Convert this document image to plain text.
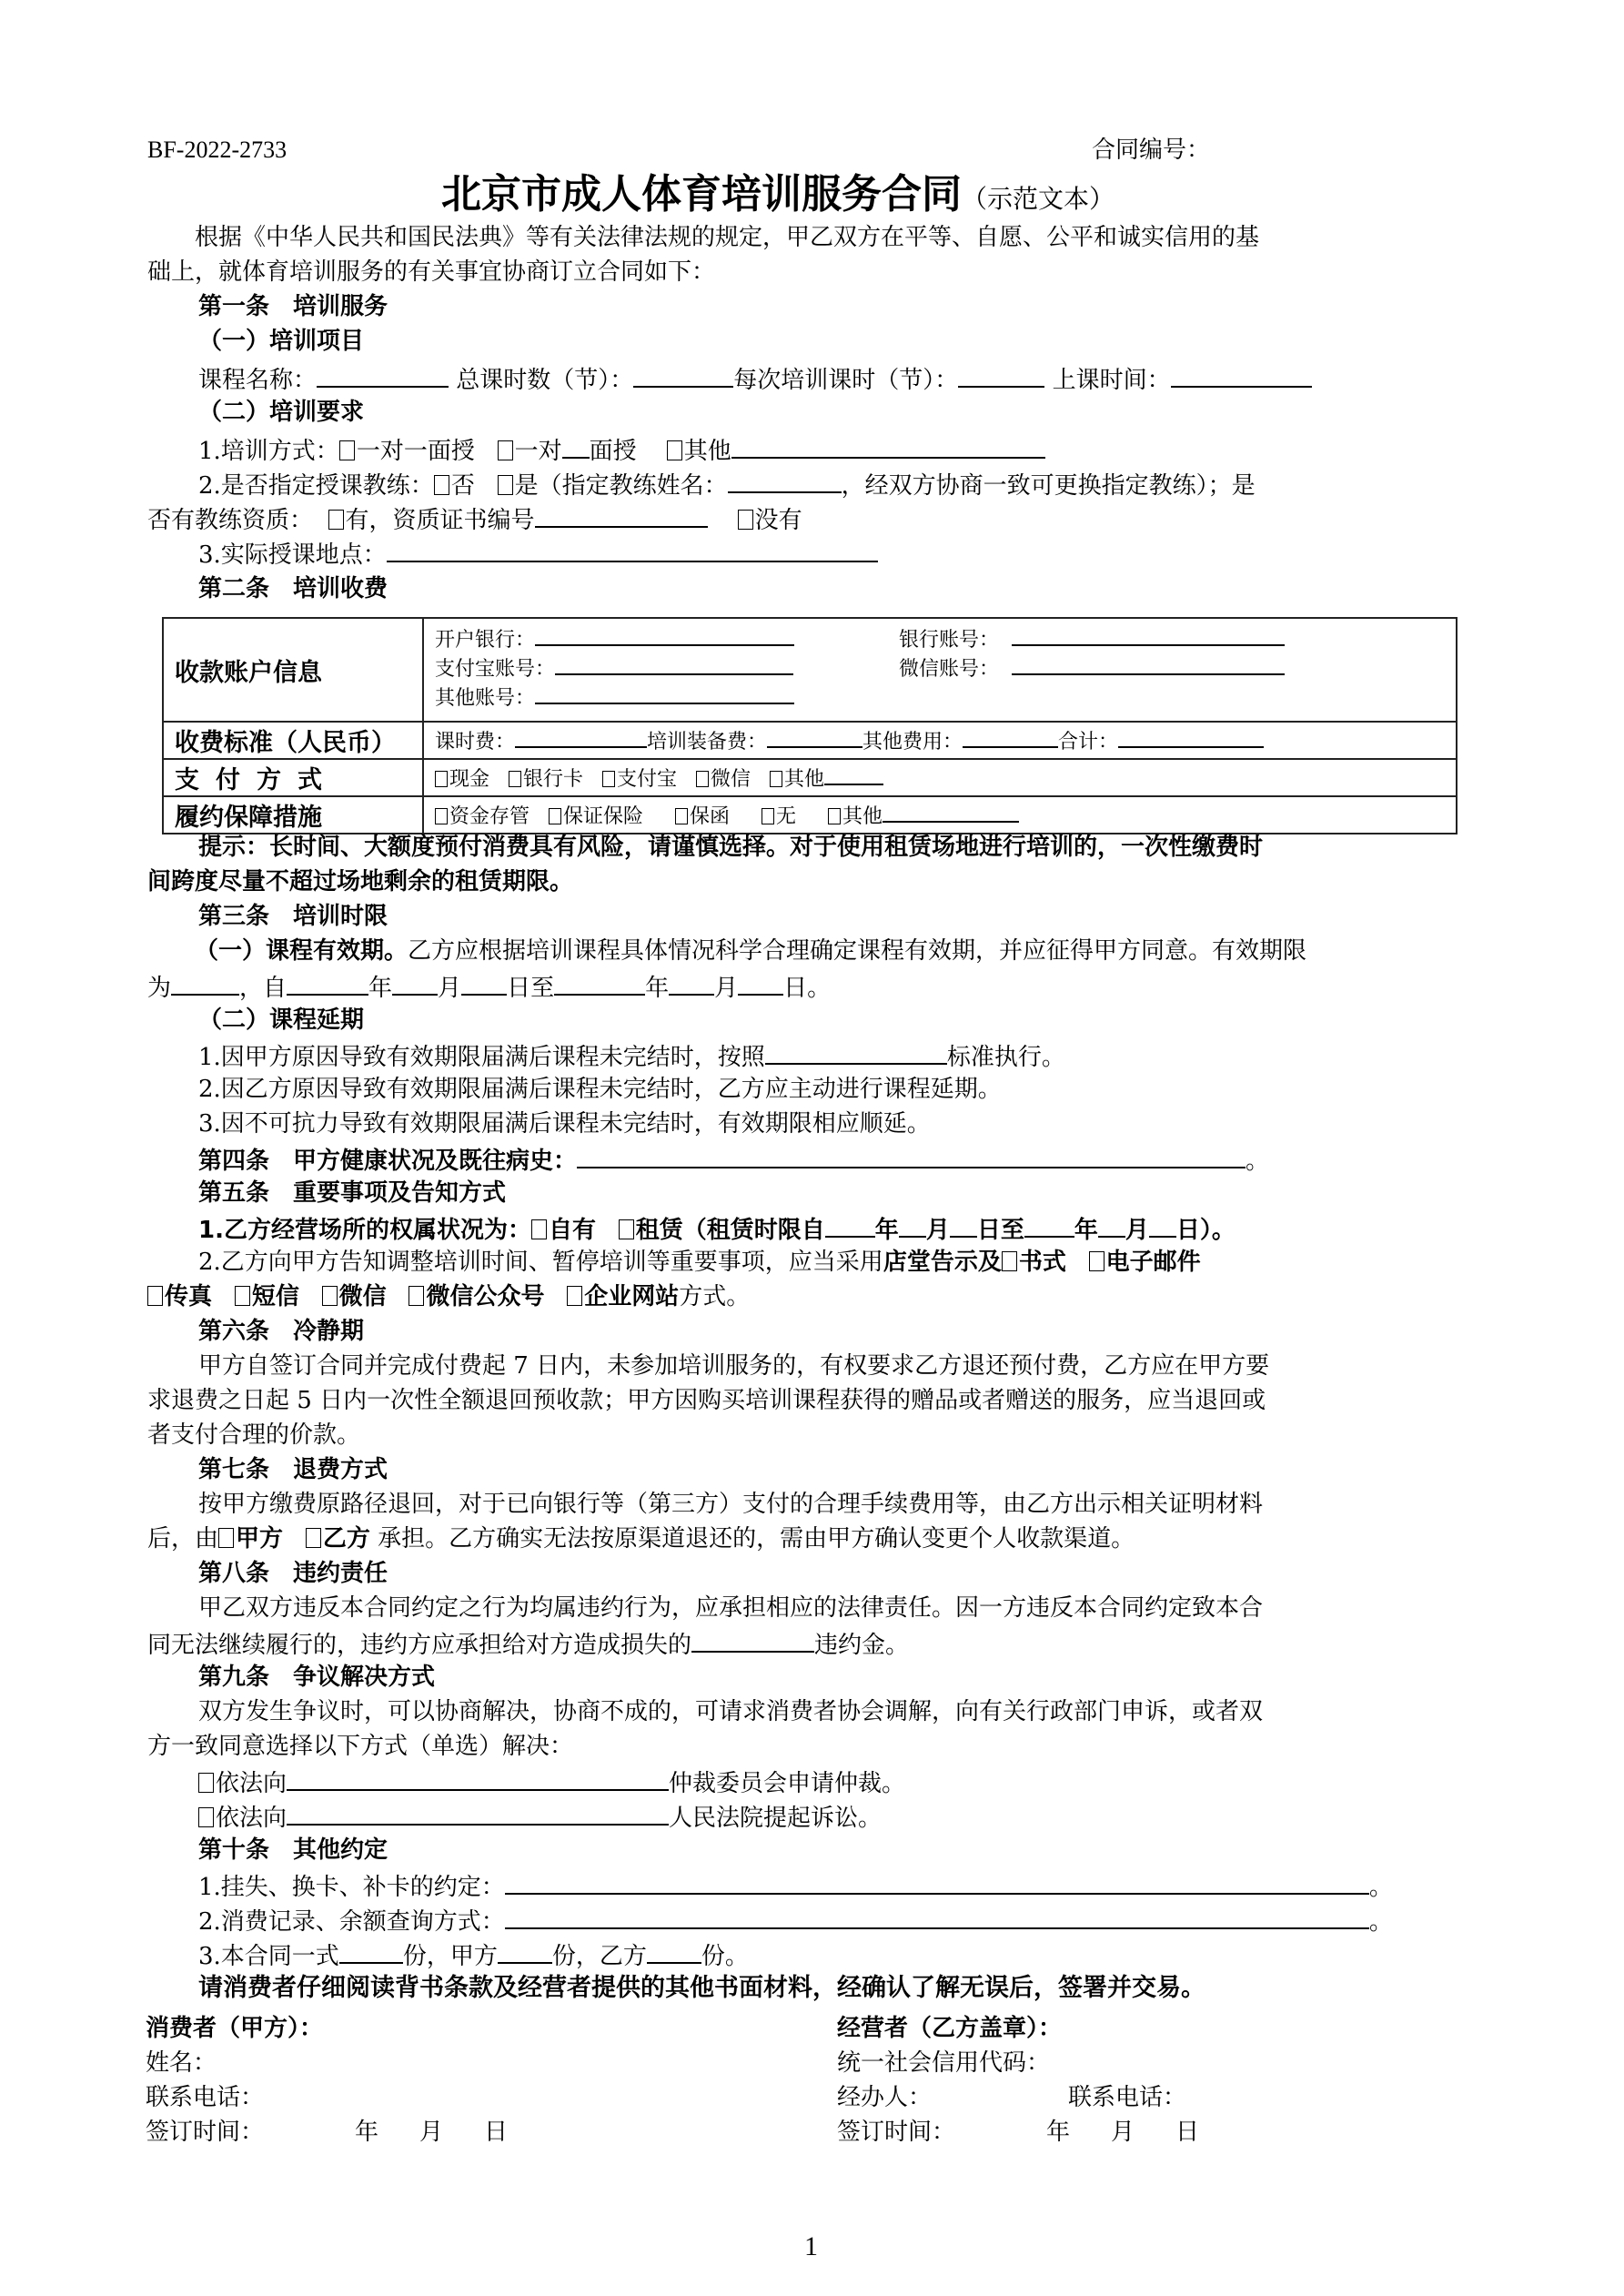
BF-2022-2733	合同编号：
北京市成人体育培训服务合同（示范文本）
根据《中华人民共和国民法典》等有关法律法规的规定，甲乙双方在平等、自愿、公平和诚实信用的基
础上，就体育培训服务的有关事宜协商订立合同如下：
第一条　培训服务
（一）培训项目
课程名称：	总课时数（节）：	每次培训课时（节）：	上课时间：
（二）培训要求
1.培训方式： 一对一面授 一对 面授 其他
2.是否指定授课教练： 否 是（指定教练姓名：	，经双方协商一致可更换指定教练）；是
否有教练资质： 有，资质证书编号	没有
3.实际授课地点：
第二条　培训收费
收款账户信息	开户银行： 银行账号：
支付宝账号： 微信账号：
其他账号：

收费标准（人民币）	课时费： 培训装备费： 其他费用： 合计：
支付方式	现金 银行卡 支付宝 微信 其他
履约保障措施	资金存管 保证保险 保函 无 其他
提示：长时间、大额度预付消费具有风险，请谨慎选择。对于使用租赁场地进行培训的，一次性缴费时
间跨度尽量不超过场地剩余的租赁期限。
第三条　培训时限
（一）课程有效期。乙方应根据培训课程具体情况科学合理确定课程有效期，并应征得甲方同意。有效期限
为	，自	年 月 日至	年 月 日。
（二）课程延期
1.因甲方原因导致有效期限届满后课程未完结时，按照	标准执行。
2.因乙方原因导致有效期限届满后课程未完结时，乙方应主动进行课程延期。
3.因不可抗力导致有效期限届满后课程未完结时，有效期限相应顺延。
第四条　甲方健康状况及既往病史：	。
第五条　重要事项及告知方式
1.乙方经营场所的权属状况为： 自有 租赁（租赁时限自 年 月 日至 年 月 日）。
2.乙方向甲方告知调整培训时间、暂停培训等重要事项，应当采用店堂告示及 书式 电子邮件
传真 短信 微信 微信公众号 企业网站方式。
第六条　冷静期
甲方自签订合同并完成付费起 7 日内，未参加培训服务的，有权要求乙方退还预付费，乙方应在甲方要
求退费之日起 5 日内一次性全额退回预收款；甲方因购买培训课程获得的赠品或者赠送的服务，应当退回或
者支付合理的价款。
第七条　退费方式
按甲方缴费原路径退回，对于已向银行等（第三方）支付的合理手续费用等，由乙方出示相关证明材料
后，由 甲方 乙方 承担。乙方确实无法按原渠道退还的，需由甲方确认变更个人收款渠道。
第八条　违约责任
甲乙双方违反本合同约定之行为均属违约行为，应承担相应的法律责任。因一方违反本合同约定致本合
同无法继续履行的，违约方应承担给对方造成损失的	违约金。
第九条　争议解决方式
双方发生争议时，可以协商解决，协商不成的，可请求消费者协会调解，向有关行政部门申诉，或者双
方一致同意选择以下方式（单选）解决：
依法向	仲裁委员会申请仲裁。
依法向	人民法院提起诉讼。
第十条　其他约定
1.挂失、换卡、补卡的约定：	。
2.消费记录、余额查询方式：	。
3.本合同一式	份，甲方 份，乙方 份。
请消费者仔细阅读背书条款及经营者提供的其他书面材料，经确认了解无误后，签署并交易。
消费者（甲方）：
姓名：
联系电话：
签订时间：	年 月 日
经营者（乙方盖章）：
统一社会信用代码：
经办人：	联系电话：
签订时间：	年 月 日
1
